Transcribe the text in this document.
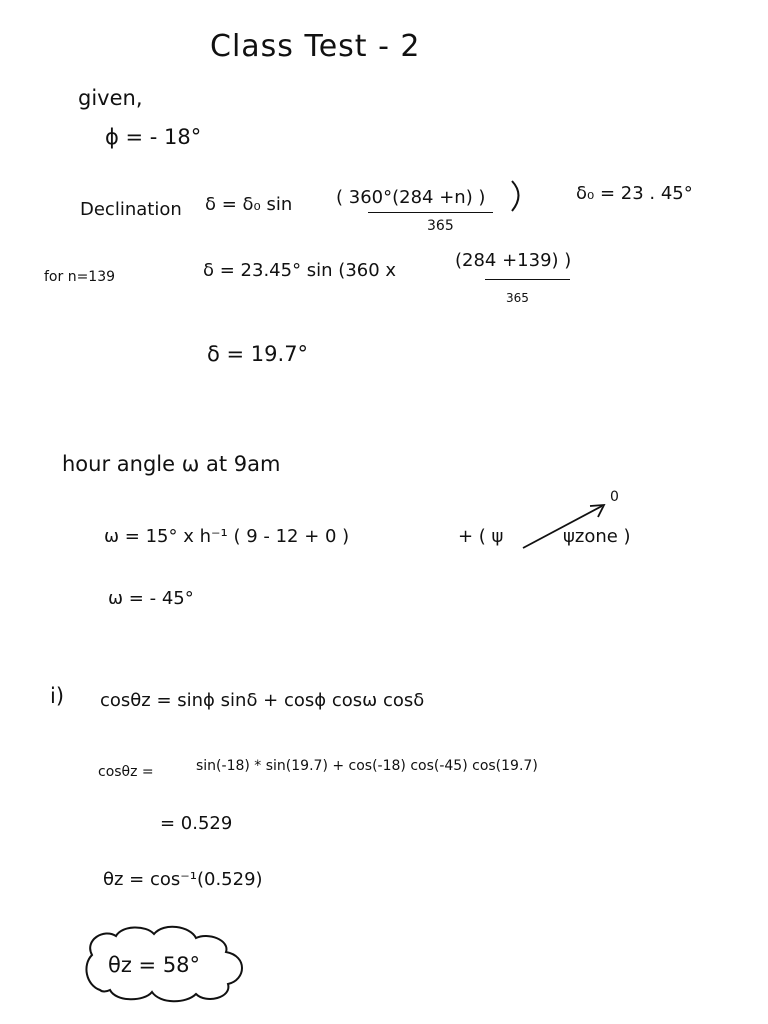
Class Test - 2
given,
ϕ = - 18°
Declination δ = δ₀ sin ( 360°(284 +n) )
365
δ₀ = 23 . 45°
for n=139	δ = 23.45° sin (360 x	(284 +139) )
365
δ = 19.7°
hour angle ω at 9am
ω = 15° x h⁻¹ ( 9 - 12 + 0 )	+ ( ψ	ψzone )
0
ω = - 45°
i) cosθz = sinϕ sinδ + cosϕ cosω cosδ
cosθz =	sin(-18) * sin(19.7) + cos(-18) cos(-45) cos(19.7)
= 0.529
θz = cos⁻¹(0.529)
θz = 58°
